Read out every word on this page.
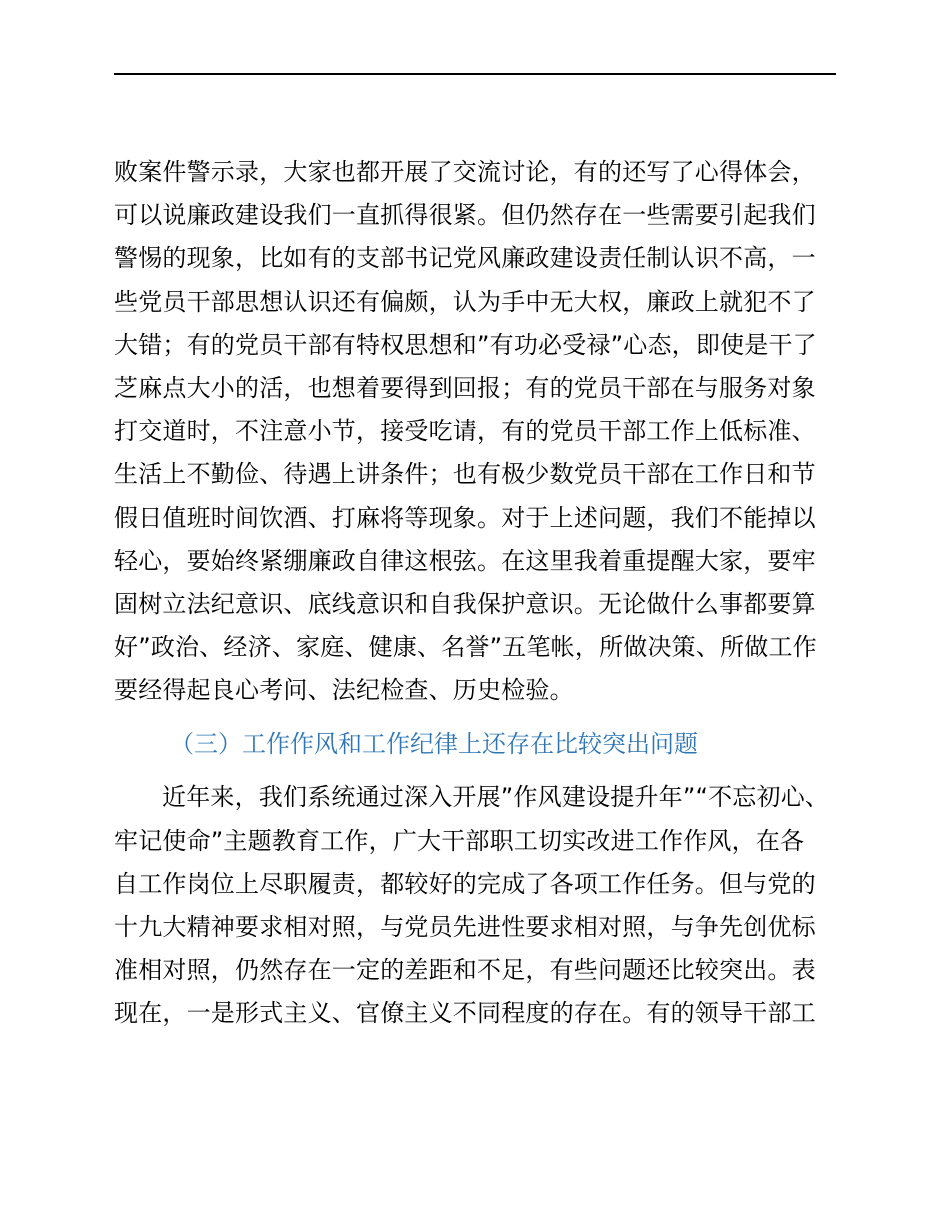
败案件警示录，大家也都开展了交流讨论，有的还写了心得体会，
可以说廉政建设我们一直抓得很紧。但仍然存在一些需要引起我们
警惕的现象，比如有的支部书记党风廉政建设责任制认识不高，一
些党员干部思想认识还有偏颇，认为手中无大权，廉政上就犯不了
大错；有的党员干部有特权思想和”有功必受禄”心态，即使是干了
芝麻点大小的活，也想着要得到回报；有的党员干部在与服务对象
打交道时，不注意小节，接受吃请，有的党员干部工作上低标准、
生活上不勤俭、待遇上讲条件；也有极少数党员干部在工作日和节
假日值班时间饮酒、打麻将等现象。对于上述问题，我们不能掉以
轻心，要始终紧绷廉政自律这根弦。在这里我着重提醒大家，要牢
固树立法纪意识、底线意识和自我保护意识。无论做什么事都要算
好”政治、经济、家庭、健康、名誉”五笔帐，所做决策、所做工作
要经得起良心考问、法纪检查、历史检验。
（三）工作作风和工作纪律上还存在比较突出问题
近年来，我们系统通过深入开展”作风建设提升年”“不忘初心、
牢记使命”主题教育工作，广大干部职工切实改进工作作风，在各
自工作岗位上尽职履责，都较好的完成了各项工作任务。但与党的
十九大精神要求相对照，与党员先进性要求相对照，与争先创优标
准相对照，仍然存在一定的差距和不足，有些问题还比较突出。表
现在，一是形式主义、官僚主义不同程度的存在。有的领导干部工
